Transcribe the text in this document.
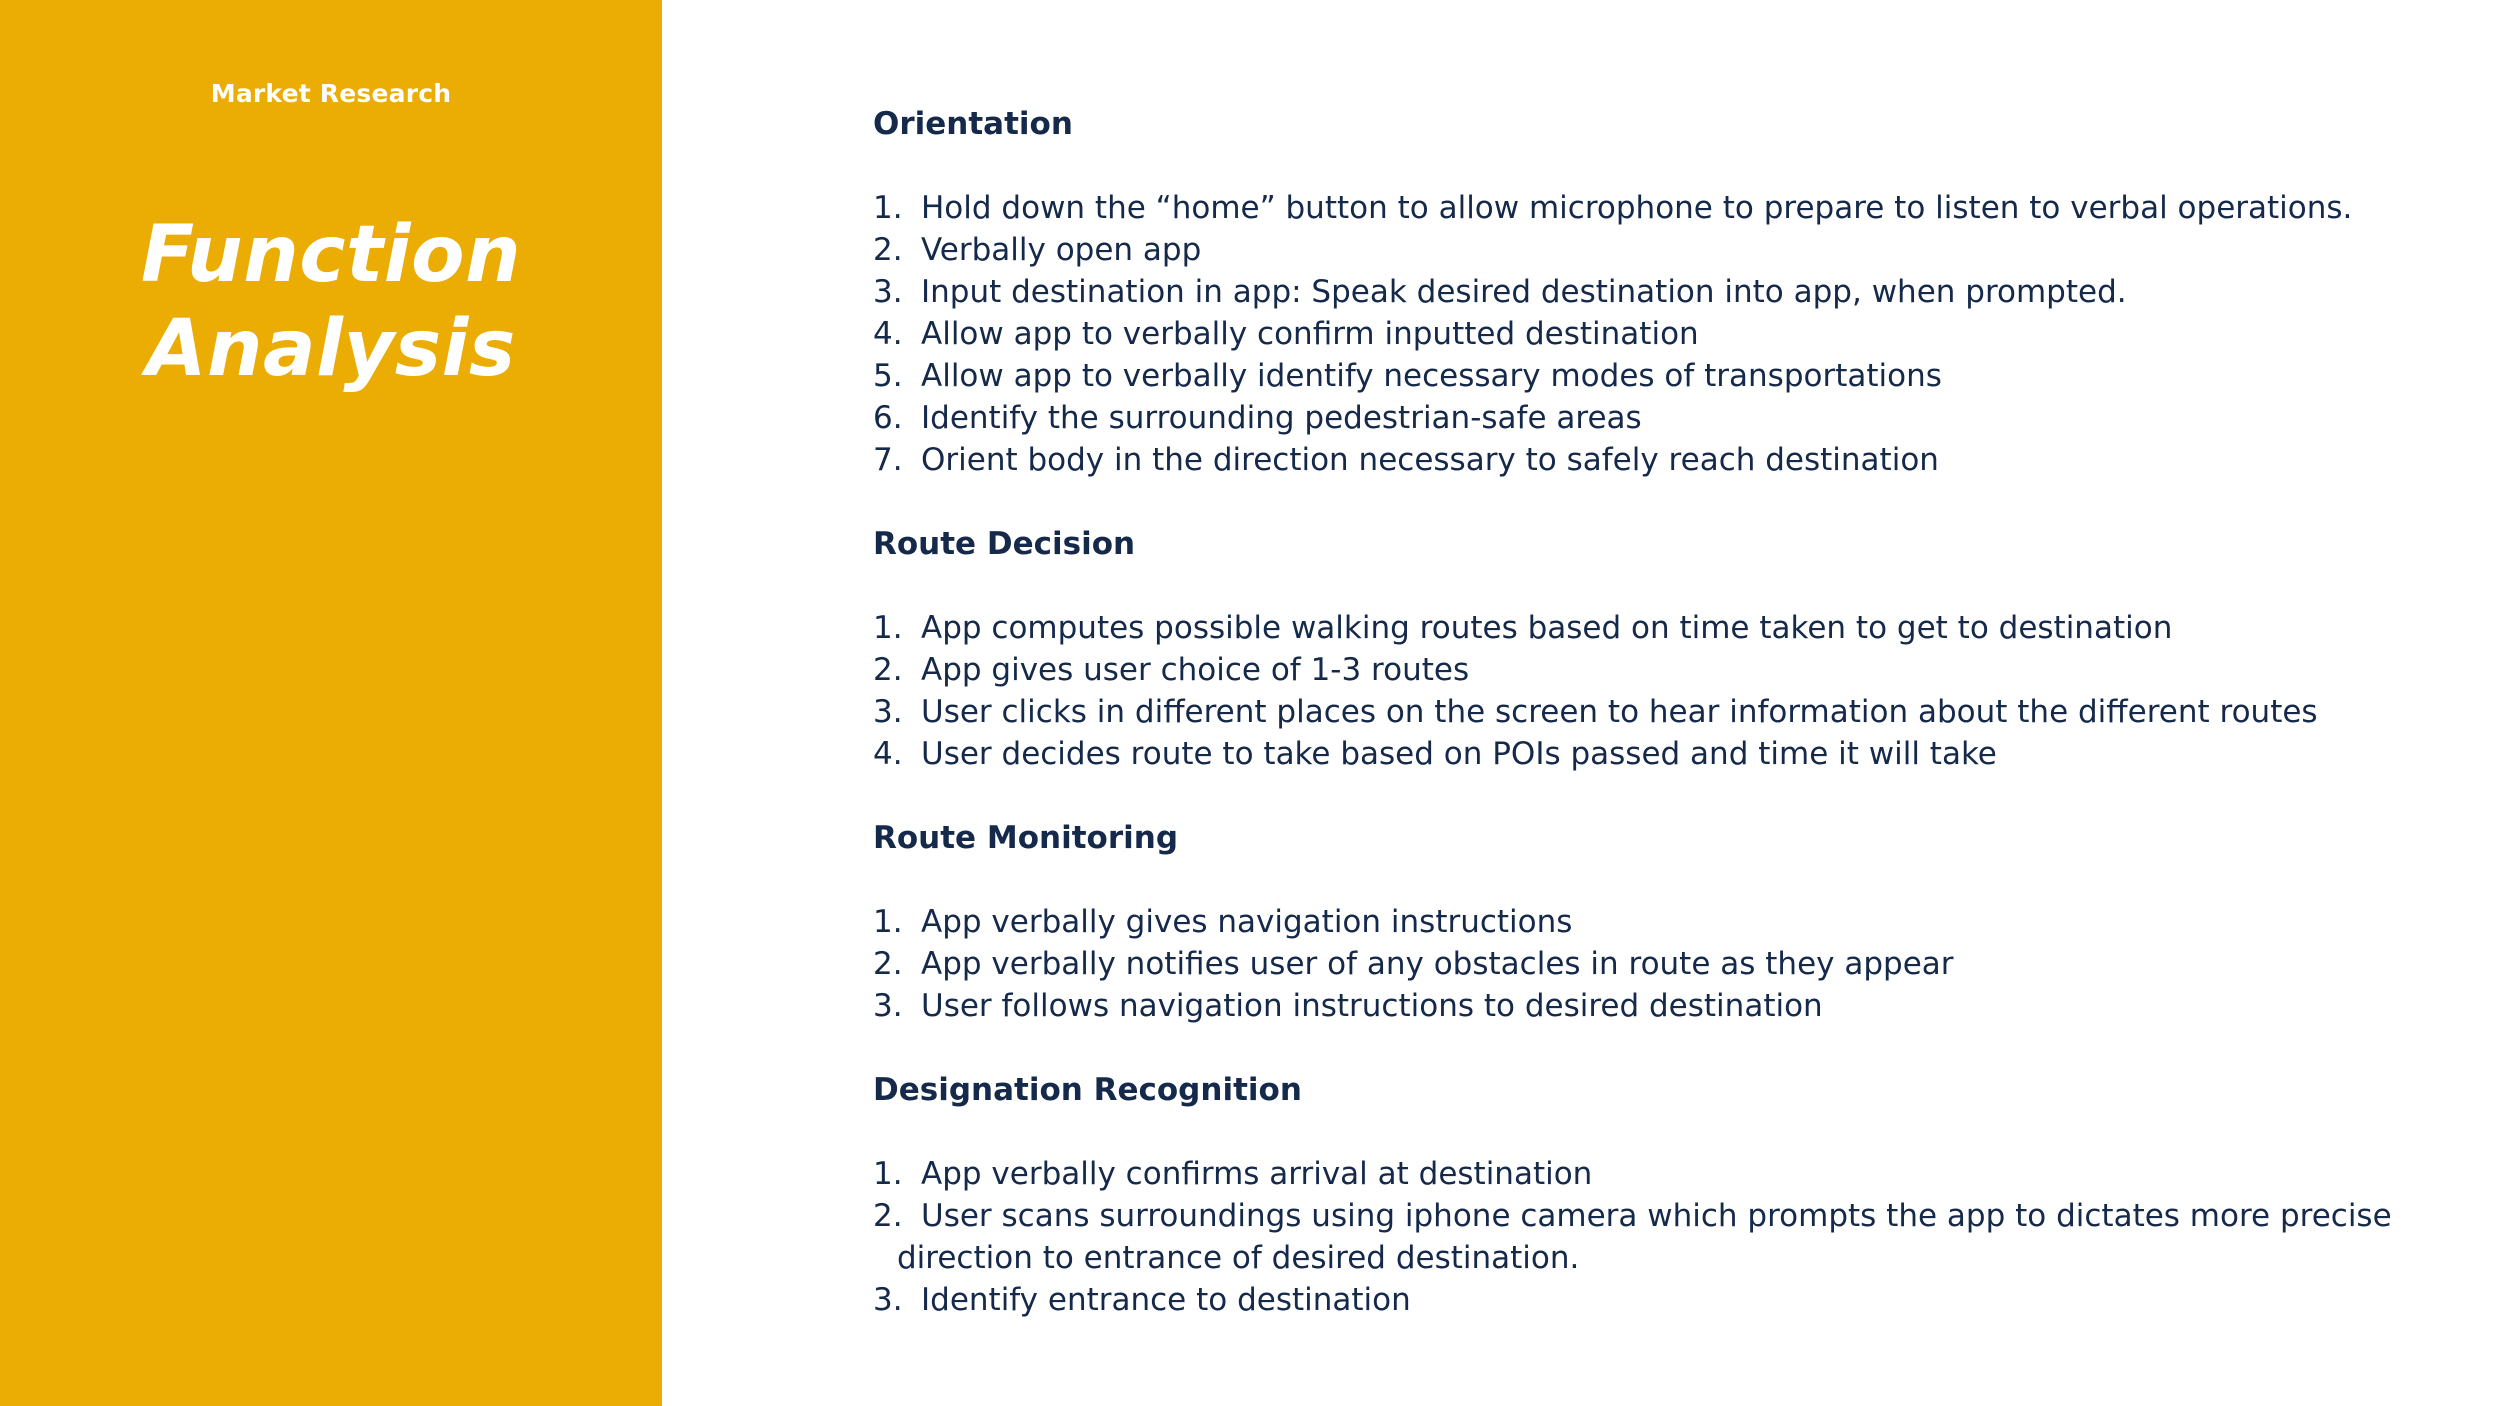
Market Research
Function
Analysis
Orientation
1. Hold down the “home” button to allow microphone to prepare to listen to verbal operations.
2. Verbally open app
3. Input destination in app: Speak desired destination into app, when prompted.
4. Allow app to verbally confirm inputted destination
5. Allow app to verbally identify necessary modes of transportations
6. Identify the surrounding pedestrian-safe areas
7. Orient body in the direction necessary to safely reach destination
Route Decision
1. App computes possible walking routes based on time taken to get to destination
2. App gives user choice of 1-3 routes
3. User clicks in different places on the screen to hear information about the different routes
4. User decides route to take based on POIs passed and time it will take
Route Monitoring
1. App verbally gives navigation instructions
2. App verbally notifies user of any obstacles in route as they appear
3. User follows navigation instructions to desired destination
Designation Recognition
1. App verbally confirms arrival at destination
2. User scans surroundings using iphone camera which prompts the app to dictates more precise
direction to entrance of desired destination.
3. Identify entrance to destination
